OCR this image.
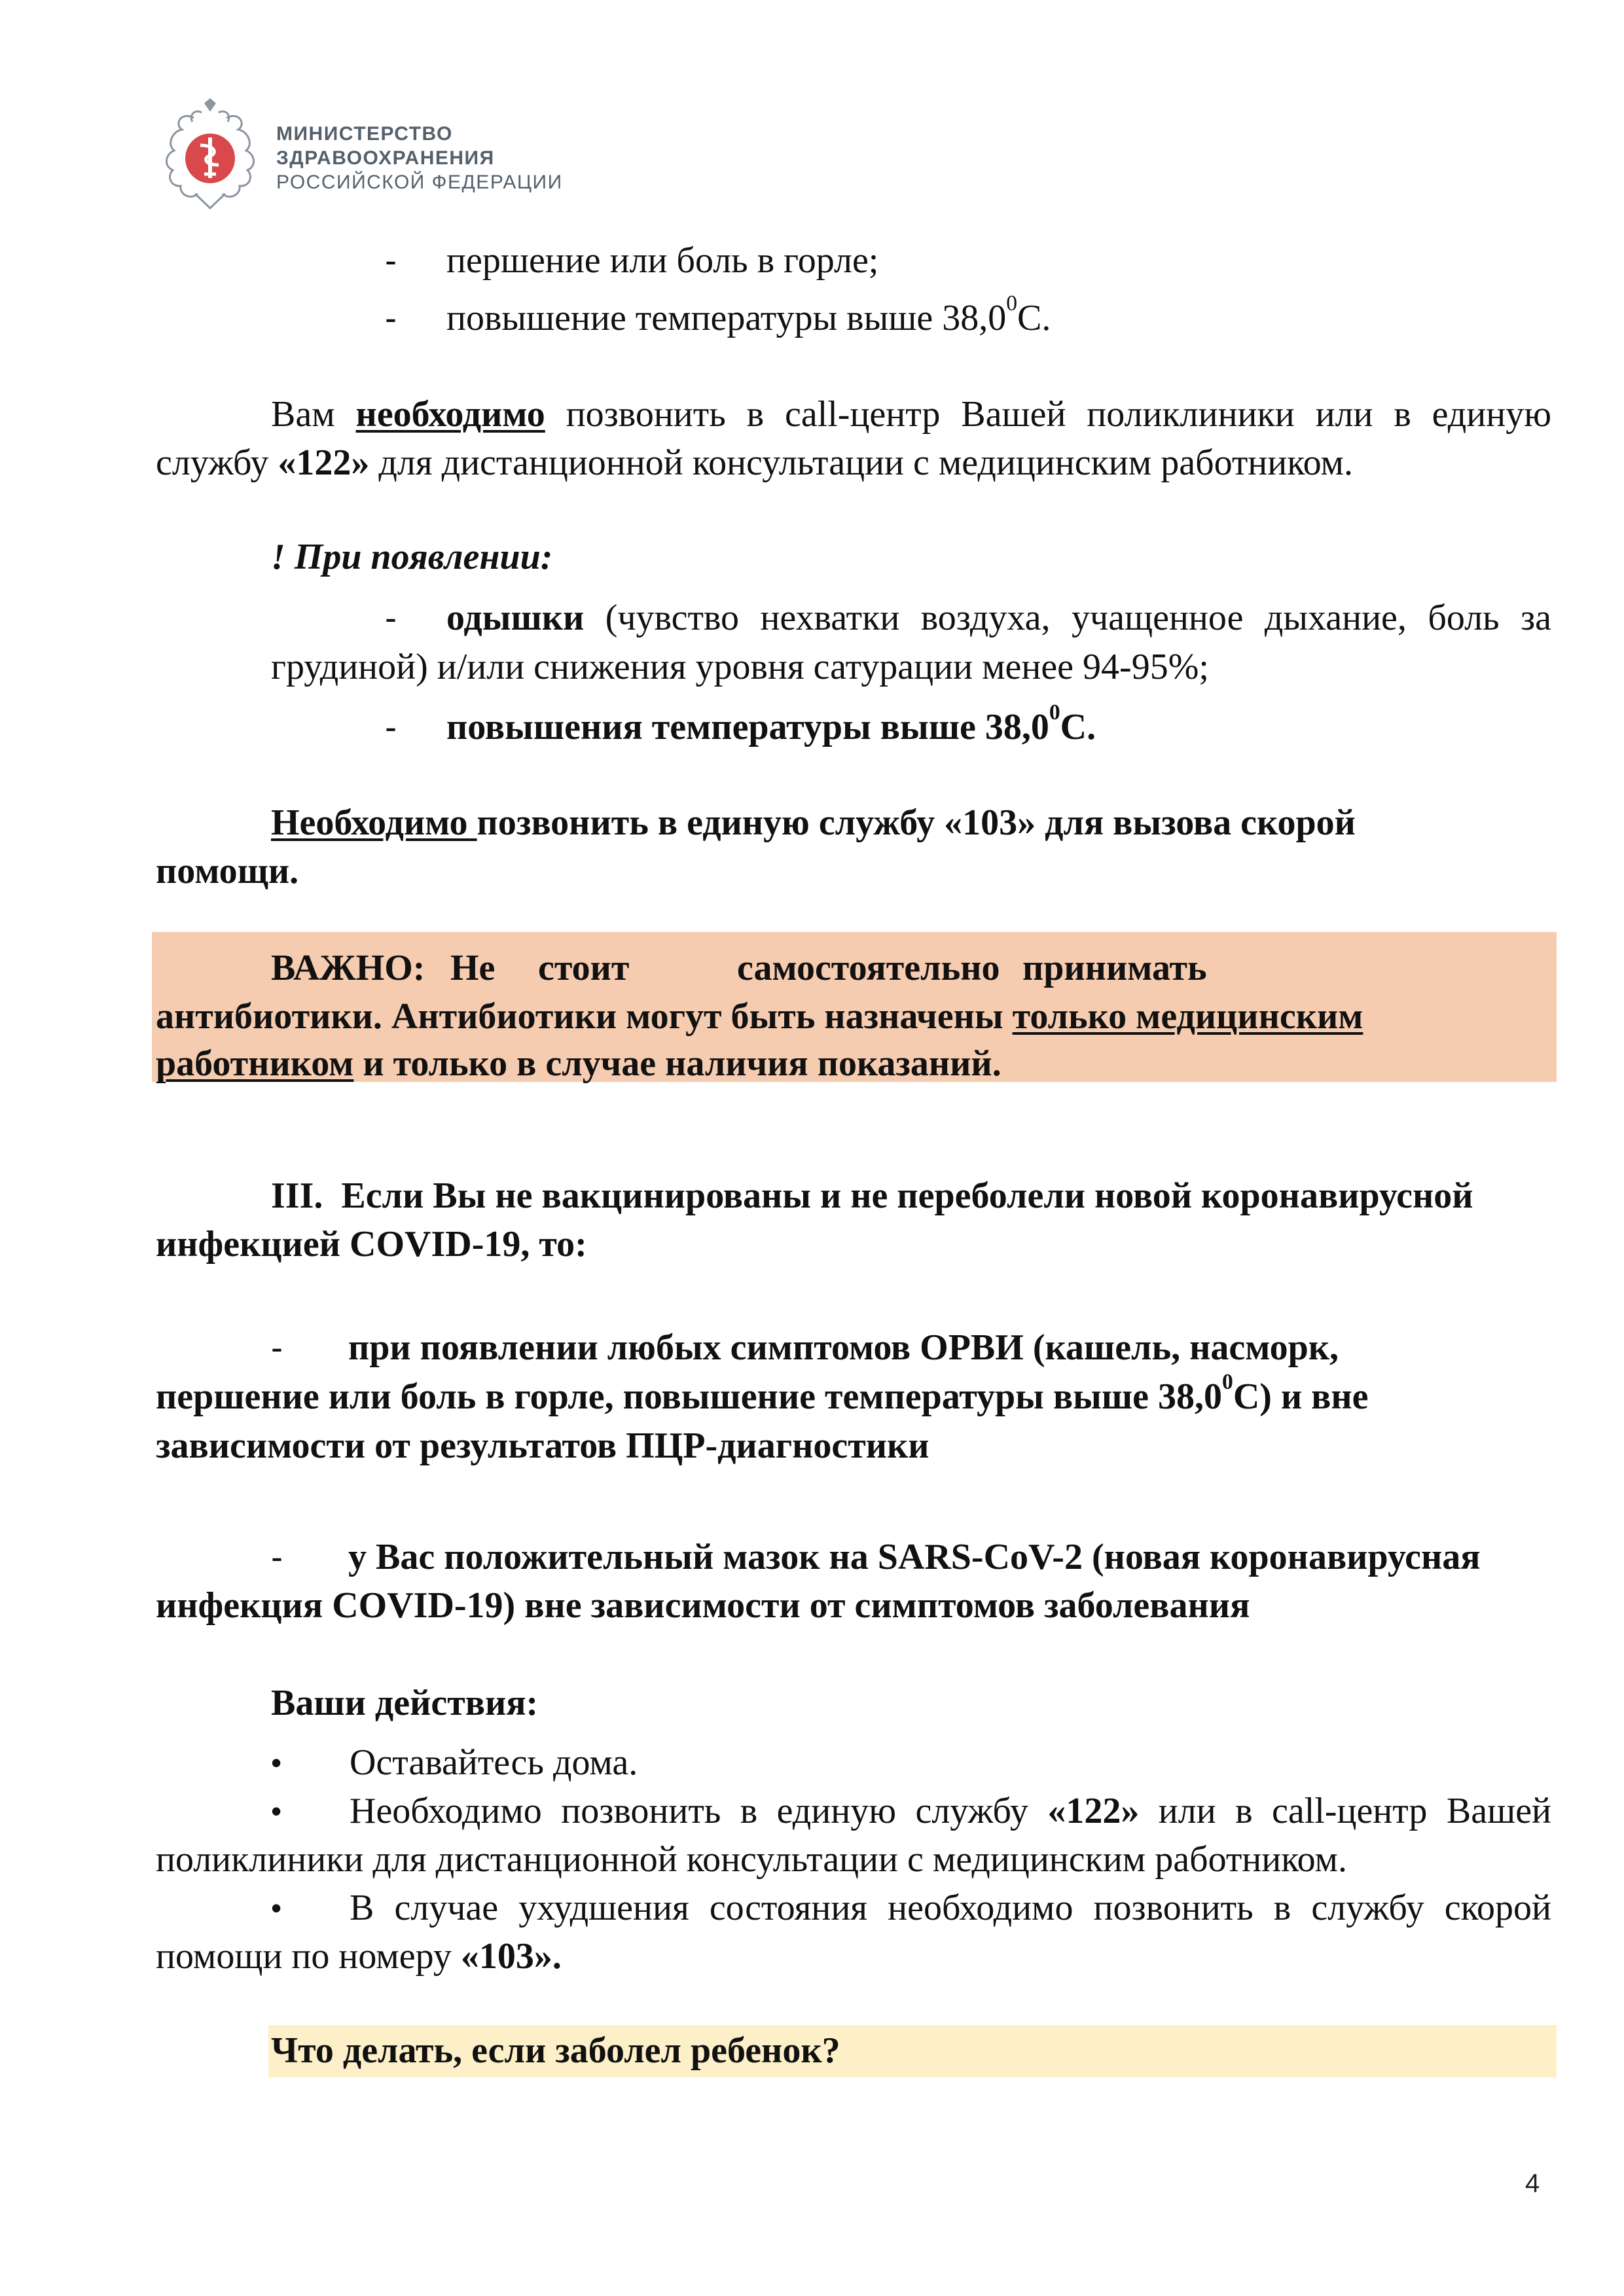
МИНИСТЕРСТВО
ЗДРАВООХРАНЕНИЯ
РОССИЙСКОЙ ФЕДЕРАЦИИ
- першение или боль в горле;
- повышение температуры выше 38,0$^0$С.
Вам необходимо позвонить в call-центр Вашей поликлиники или в единую
службу «122» для дистанционной консультации с медицинским работником.
! При появлении:
- одышки (чувство нехватки воздуха, учащенное дыхание, боль за
грудиной) и/или снижения уровня сатурации менее 94-95%;
- повышения температуры выше 38,0$^0$С.
Необходимо позвонить в единую службу «103» для вызова скорой
помощи.
ВАЖНО: Не стоит	самостоятельно принимать
антибиотики. Антибиотики могут быть назначены только медицинским
работником и только в случае наличия показаний.
III. Если Вы не вакцинированы и не переболели новой коронавирусной
инфекцией COVID-19, то:
- при появлении любых симптомов ОРВИ (кашель, насморк,
першение или боль в горле, повышение температуры выше 38,0$^0$С) и вне
зависимости от результатов ПЦР-диагностики
- у Вас положительный мазок на SARS-CoV-2 (новая коронавирусная
инфекция COVID-19) вне зависимости от симптомов заболевания
Ваши действия:
• Оставайтесь дома.
• Необходимо позвонить в единую службу «122» или в call-центр Вашей
поликлиники для дистанционной консультации с медицинским работником.
• В случае ухудшения состояния необходимо позвонить в службу скорой
помощи по номеру «103».
Что делать, если заболел ребенок?
4
